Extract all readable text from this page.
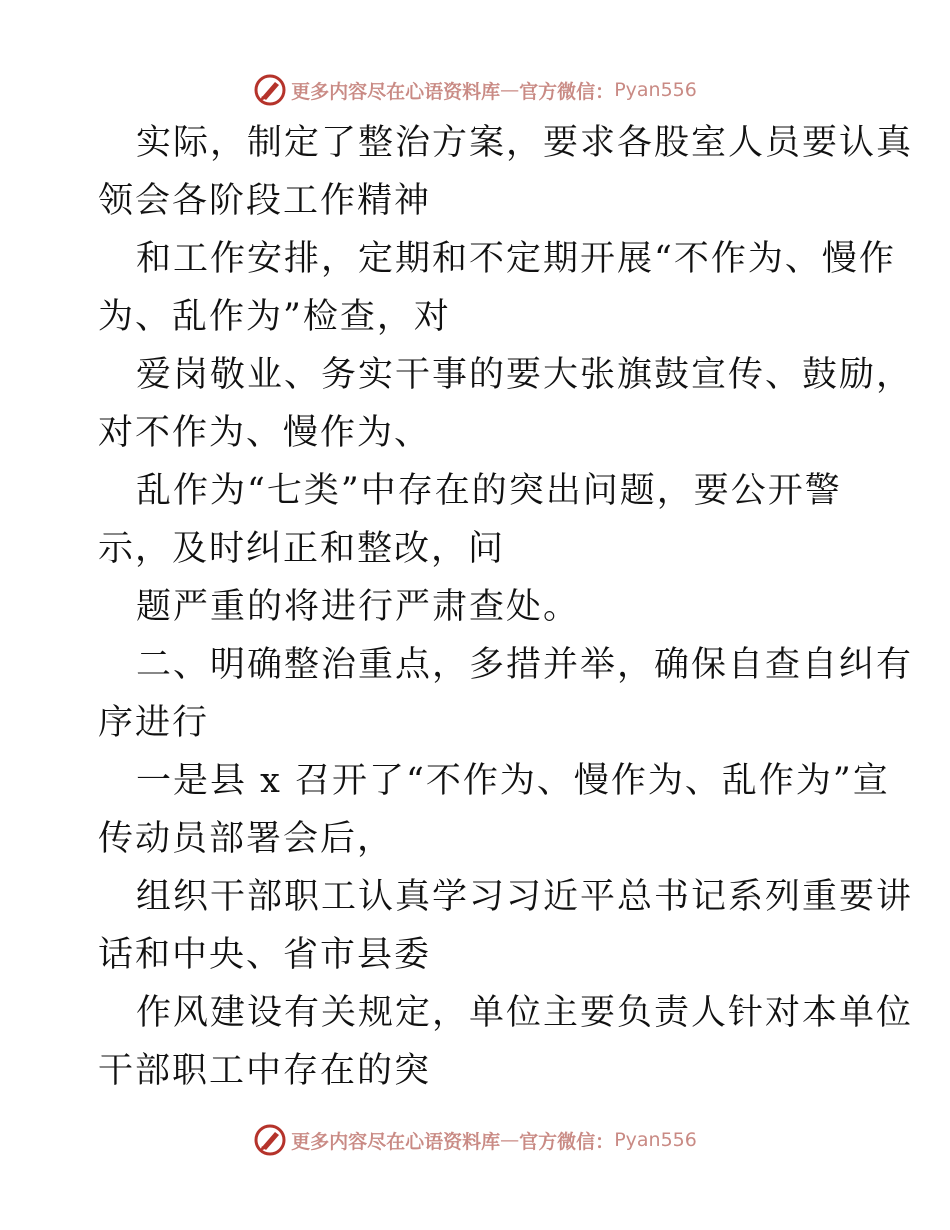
更多内容尽在心语资料库 — 官方微信： Pyan556
实际，制定了整治方案，要求各股室人员要认真
领会各阶段工作精神
和工作安排，定期和不定期开展“不作为、慢作
为、乱作为”检查，对
爱岗敬业、务实干事的要大张旗鼓宣传、鼓励，
对不作为、慢作为、
乱作为“七类”中存在的突出问题，要公开警
示，及时纠正和整改，问
题严重的将进行严肃查处。
二、明确整治重点，多措并举，确保自查自纠有
序进行
一是县 x 召开了“不作为、慢作为、乱作为”宣
传动员部署会后，
组织干部职工认真学习习近平总书记系列重要讲
话和中央、省市县委
作风建设有关规定，单位主要负责人针对本单位
干部职工中存在的突
更多内容尽在心语资料库 — 官方微信： Pyan556
